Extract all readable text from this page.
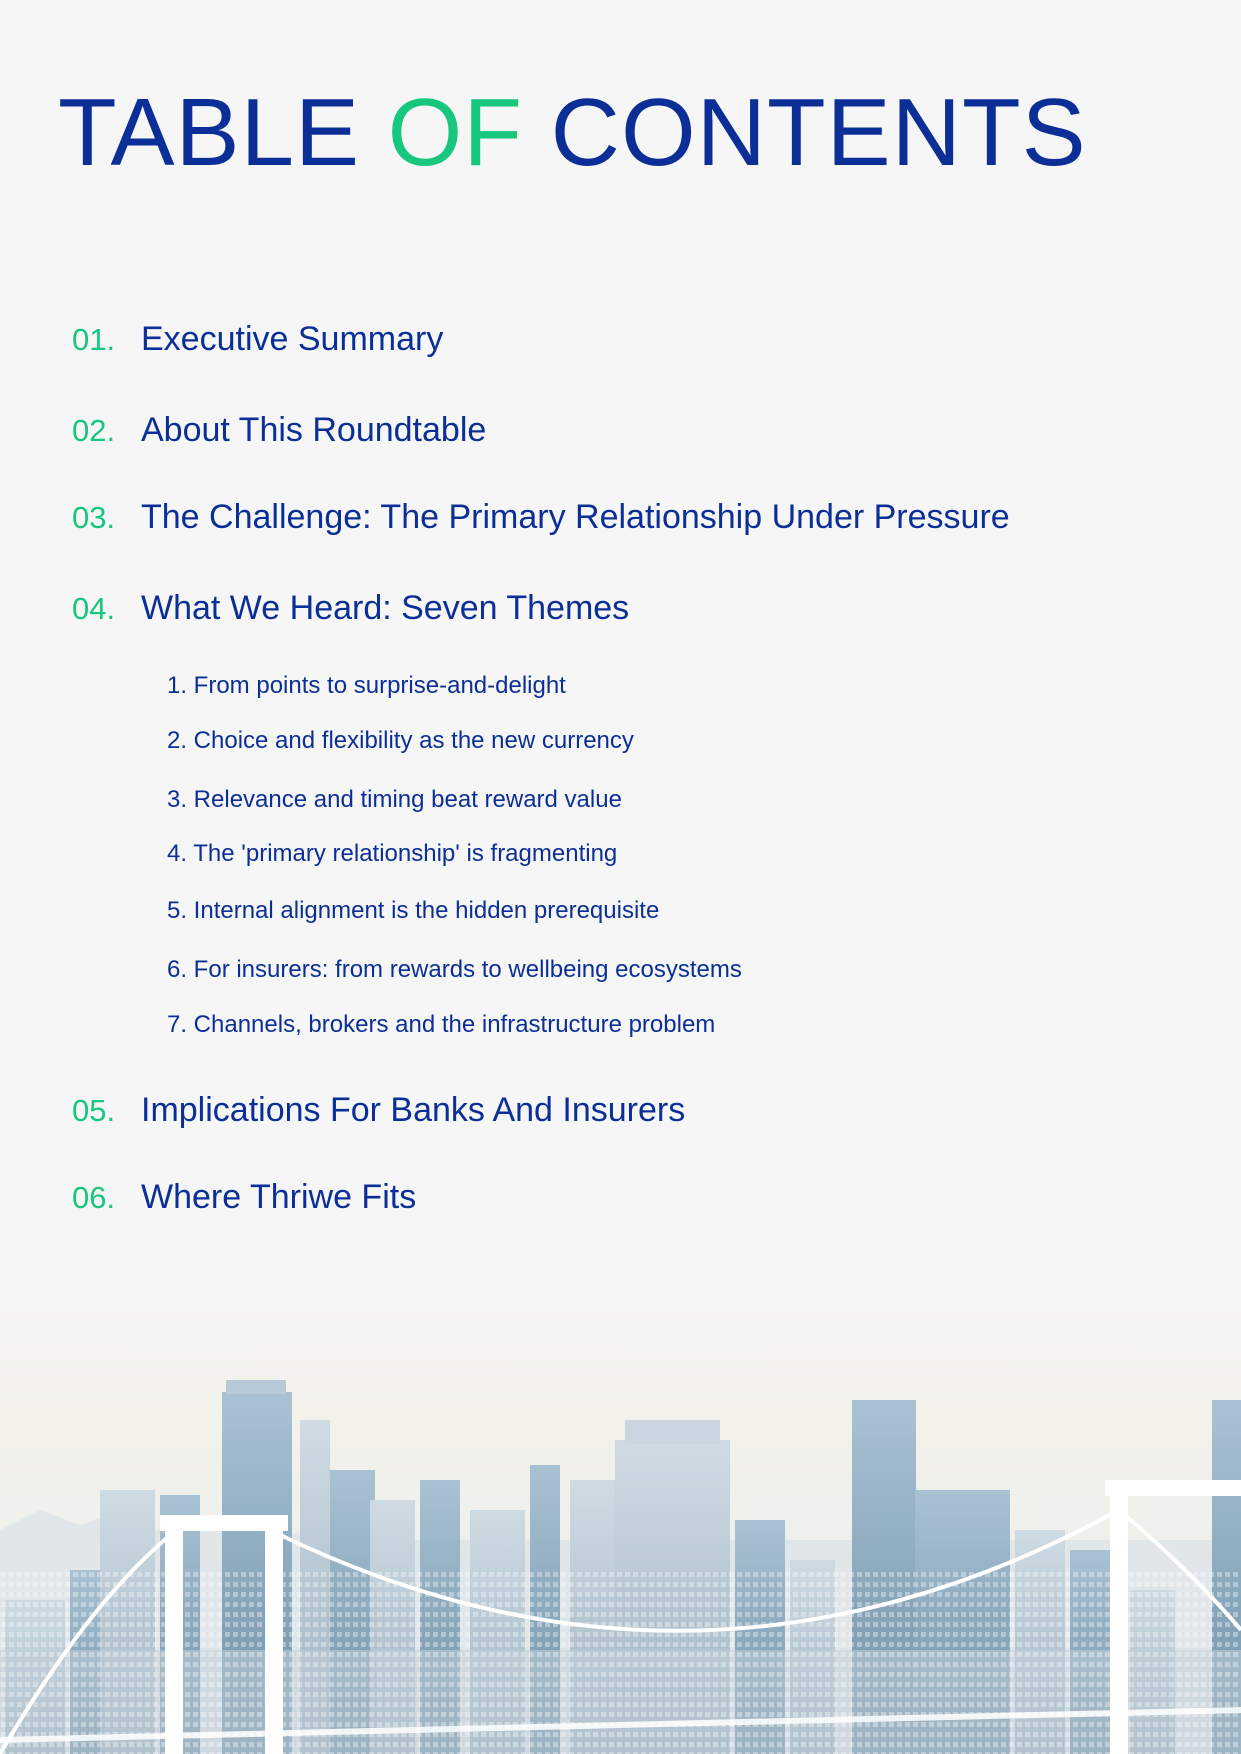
TABLE OF CONTENTS
01. Executive Summary
02. About This Roundtable
03. The Challenge: The Primary Relationship Under Pressure
04. What We Heard: Seven Themes
1. From points to surprise-and-delight
2. Choice and flexibility as the new currency
3. Relevance and timing beat reward value
4. The 'primary relationship' is fragmenting
5. Internal alignment is the hidden prerequisite
6. For insurers: from rewards to wellbeing ecosystems
7. Channels, brokers and the infrastructure problem
05. Implications For Banks And Insurers
06. Where Thriwe Fits
